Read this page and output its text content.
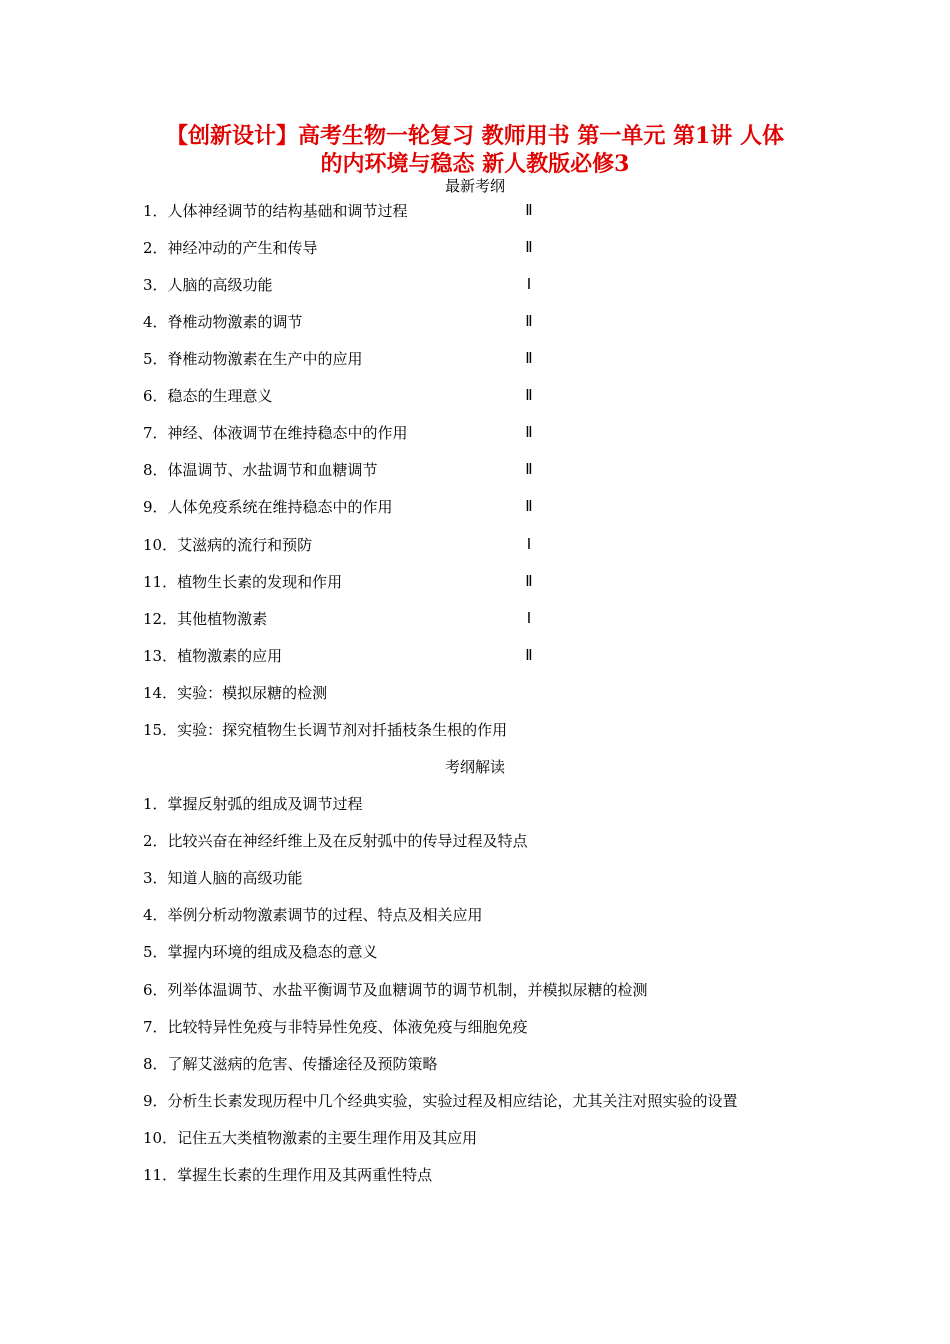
【创新设计】高考生物一轮复习 教师用书 第一单元 第1讲 人体
的内环境与稳态 新人教版必修3
最新考纲
1．人体神经调节的结构基础和调节过程	Ⅱ
2．神经冲动的产生和传导	Ⅱ
3．人脑的高级功能	Ⅰ
4．脊椎动物激素的调节	Ⅱ
5．脊椎动物激素在生产中的应用	Ⅱ
6．稳态的生理意义	Ⅱ
7．神经、体液调节在维持稳态中的作用	Ⅱ
8．体温调节、水盐调节和血糖调节	Ⅱ
9．人体免疫系统在维持稳态中的作用	Ⅱ
10．艾滋病的流行和预防	Ⅰ
11．植物生长素的发现和作用	Ⅱ
12．其他植物激素	Ⅰ
13．植物激素的应用	Ⅱ
14．实验：模拟尿糖的检测
15．实验：探究植物生长调节剂对扦插枝条生根的作用
考纲解读
1．掌握反射弧的组成及调节过程
2．比较兴奋在神经纤维上及在反射弧中的传导过程及特点
3．知道人脑的高级功能
4．举例分析动物激素调节的过程、特点及相关应用
5．掌握内环境的组成及稳态的意义
6．列举体温调节、水盐平衡调节及血糖调节的调节机制，并模拟尿糖的检测
7．比较特异性免疫与非特异性免疫、体液免疫与细胞免疫
8．了解艾滋病的危害、传播途径及预防策略
9．分析生长素发现历程中几个经典实验，实验过程及相应结论，尤其关注对照实验的设置
10．记住五大类植物激素的主要生理作用及其应用
11．掌握生长素的生理作用及其两重性特点
